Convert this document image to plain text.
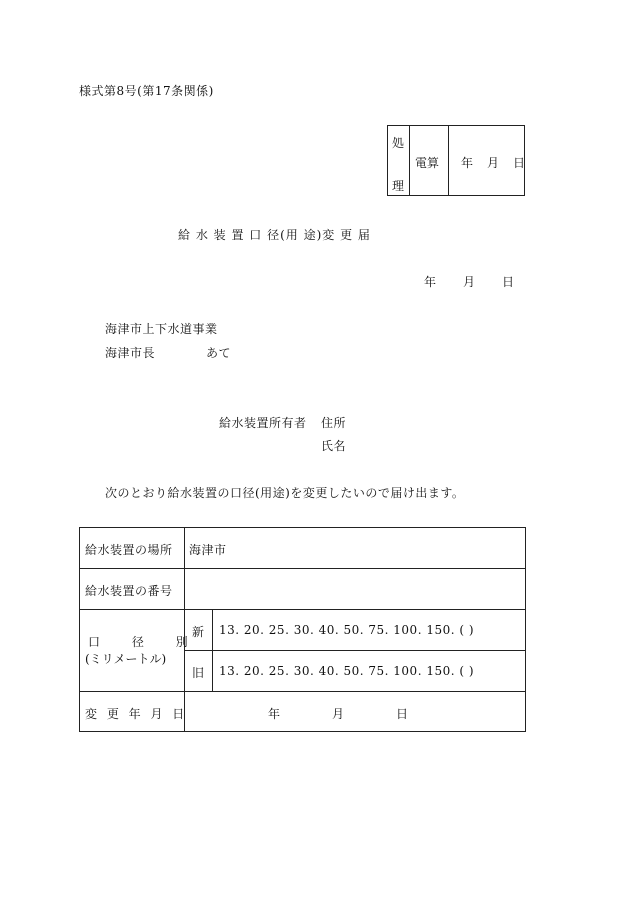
様式第8号(第17条関係)
処
理
電算 年 月 日
給 水 装 置 口 径(用 途)変 更 届
年 月 日
海津市上下水道事業
海津市長	あて
給水装置所有者 住所
氏名
次のとおり給水装置の口径(用途)を変更したいので届け出ます。
給水装置の場所 海津市
給水装置の番号
口 径 別
(ミリメートル)
新 13. 20. 25. 30. 40. 50. 75. 100. 150. ( )
旧 13. 20. 25. 30. 40. 50. 75. 100. 150. ( )
変 更 年 月 日	年	月	日
